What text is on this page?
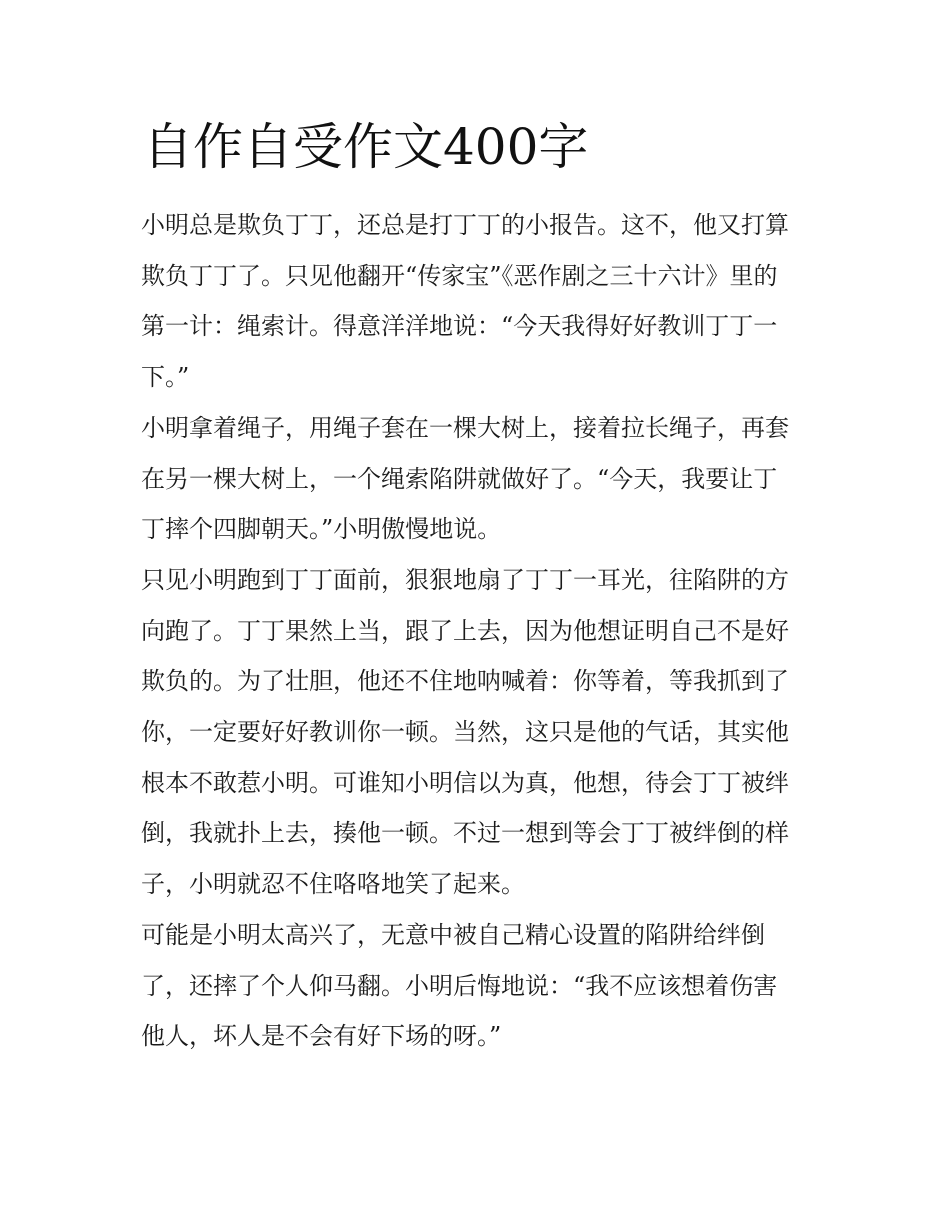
自作自受作文400字

小明总是欺负丁丁，还总是打丁丁的小报告。这不，他又打算
欺负丁丁了。只见他翻开“传家宝”《恶作剧之三十六计》里的
第一计：绳索计。得意洋洋地说：“今天我得好好教训丁丁一
下。”

小明拿着绳子，用绳子套在一棵大树上，接着拉长绳子，再套
在另一棵大树上，一个绳索陷阱就做好了。“今天，我要让丁
丁摔个四脚朝天。”小明傲慢地说。

只见小明跑到丁丁面前，狠狠地扇了丁丁一耳光，往陷阱的方
向跑了。丁丁果然上当，跟了上去，因为他想证明自己不是好
欺负的。为了壮胆，他还不住地呐喊着：你等着，等我抓到了
你，一定要好好教训你一顿。当然，这只是他的气话，其实他
根本不敢惹小明。可谁知小明信以为真，他想，待会丁丁被绊
倒，我就扑上去，揍他一顿。不过一想到等会丁丁被绊倒的样
子，小明就忍不住咯咯地笑了起来。

可能是小明太高兴了，无意中被自己精心设置的陷阱给绊倒
了，还摔了个人仰马翻。小明后悔地说：“我不应该想着伤害
他人，坏人是不会有好下场的呀。”
